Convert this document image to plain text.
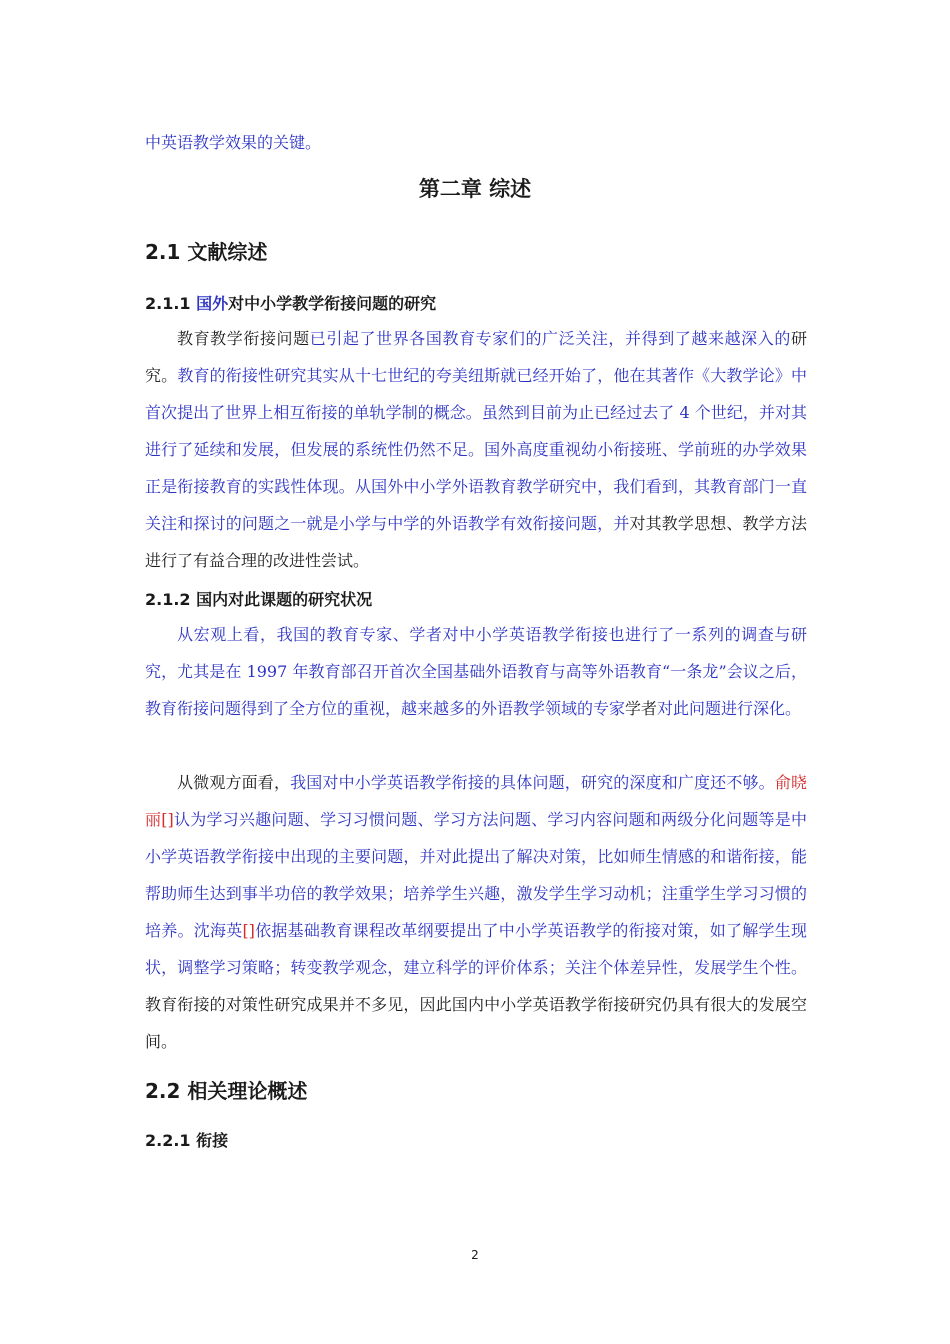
中英语教学效果的关键。

第二章 综述
2.1 文献综述
2.1.1 国外对中小学教学衔接问题的研究

教育教学衔接问题已引起了世界各国教育专家们的广泛关注，并得到了越来越深入的研究。教育的衔接性研究其实从十七世纪的夸美纽斯就已经开始了，他在其著作《大教学论》中首次提出了世界上相互衔接的单轨学制的概念。虽然到目前为止已经过去了 4 个世纪，并对其进行了延续和发展，但发展的系统性仍然不足。国外高度重视幼小衔接班、学前班的办学效果正是衔接教育的实践性体现。从国外中小学外语教育教学研究中，我们看到，其教育部门一直关注和探讨的问题之一就是小学与中学的外语教学有效衔接问题，并对其教学思想、教学方法进行了有益合理的改进性尝试。

2.1.2 国内对此课题的研究状况

从宏观上看，我国的教育专家、学者对中小学英语教学衔接也进行了一系列的调查与研究，尤其是在 1997 年教育部召开首次全国基础外语教育与高等外语教育“一条龙”会议之后，教育衔接问题得到了全方位的重视，越来越多的外语教学领域的专家学者对此问题进行深化。

从微观方面看，我国对中小学英语教学衔接的具体问题，研究的深度和广度还不够。俞晓丽[]认为学习兴趣问题、学习习惯问题、学习方法问题、学习内容问题和两级分化问题等是中小学英语教学衔接中出现的主要问题，并对此提出了解决对策，比如师生情感的和谐衔接，能帮助师生达到事半功倍的教学效果；培养学生兴趣，激发学生学习动机；注重学生学习习惯的培养。沈海英[]依据基础教育课程改革纲要提出了中小学英语教学的衔接对策，如了解学生现状，调整学习策略；转变教学观念，建立科学的评价体系；关注个体差异性，发展学生个性。教育衔接的对策性研究成果并不多见，因此国内中小学英语教学衔接研究仍具有很大的发展空间。

2.2 相关理论概述
2.2.1 衔接
2
